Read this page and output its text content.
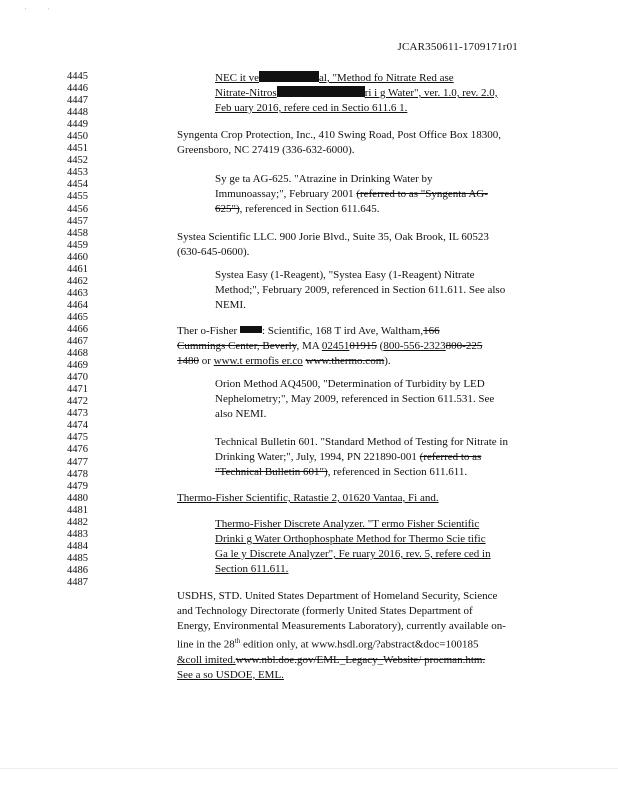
' '
JCAR350611-1709171r01
4445
4446
4447
4448
4449
4450
4451
4452
4453
4454
4455
4456
4457
4458
4459
4460
4461
4462
4463
4464
4465
4466
4467
4468
4469
4470
4471
4472
4473
4474
4475
4476
4477
4478
4479
4480
4481
4482
4483
4484
4485
4486
4487
NEC it ve	al, "Method fo Nitrate Red ase
Nitrate-Nitros	ri i g Water", ver. 1.0, rev. 2.0,
Feb uary 2016, refere ced in Sectio 611.6 1.
Syngenta Crop Protection, Inc., 410 Swing Road, Post Office Box 18300,
Greensboro, NC 27419 (336-632-6000).
Sy ge ta AG-625. "Atrazine in Drinking Water by
Immunoassay;", February 2001 (referred to as "Syngenta AG-
625"), referenced in Section 611.645.
Systea Scientific LLC. 900 Jorie Blvd., Suite 35, Oak Brook, IL 60523
(630-645-0600).
Systea Easy (1-Reagent), "Systea Easy (1-Reagent) Nitrate
Method;", February 2009, referenced in Section 611.611. See also
NEMI.
Ther o-Fisher : Scientific, 168 T ird Ave, Waltham,166
Cummings Center, Beverly, MA 0245101915 (800-556-2323800-225
1480 or www.t ermofis er.co www.thermo.com).
Orion Method AQ4500, "Determination of Turbidity by LED
Nephelometry;", May 2009, referenced in Section 611.531. See
also NEMI.
Technical Bulletin 601. "Standard Method of Testing for Nitrate in
Drinking Water;", July, 1994, PN 221890-001 (referred to as
"Technical Bulletin 601"), referenced in Section 611.611.
Thermo-Fisher Scientific, Ratastie 2, 01620 Vantaa, Fi and.
Thermo-Fisher Discrete Analyzer. "T ermo Fisher Scientific
Drinki g Water Orthophosphate Method for Thermo Scie tific
Ga le y Discrete Analyzer", Fe ruary 2016, rev. 5, refere ced in
Section 611.611.
USDHS, STD. United States Department of Homeland Security, Science
and Technology Directorate (formerly United States Department of
Energy, Environmental Measurements Laboratory), currently available on-
line in the 28th edition only, at www.hsdl.org/?abstract&doc=100185
&coll imited.www.nbl.doe.gov/EML_Legacy_Website/ procman.htm.
See a so USDOE, EML.
